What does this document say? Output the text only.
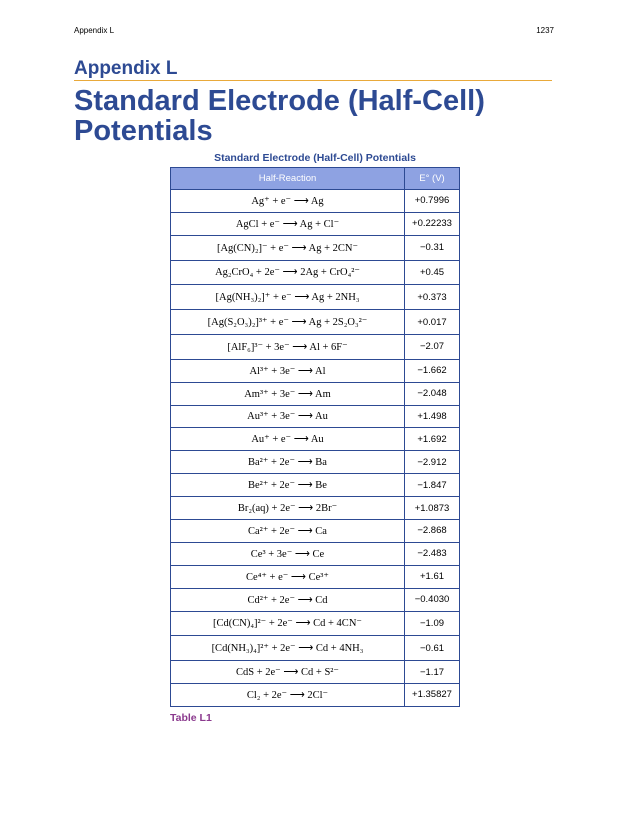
Appendix L	1237
Appendix L
Standard Electrode (Half-Cell) Potentials
Standard Electrode (Half-Cell) Potentials
Half-Reaction	E° (V)
Ag⁺ + e⁻ ⟶ Ag	+0.7996
AgCl + e⁻ ⟶ Ag + Cl⁻	+0.22233
[Ag(CN)₂]⁻ + e⁻ ⟶ Ag + 2CN⁻	−0.31
Ag₂CrO₄ + 2e⁻ ⟶ 2Ag + CrO₄²⁻	+0.45
[Ag(NH₃)₂]⁺ + e⁻ ⟶ Ag + 2NH₃	+0.373
[Ag(S₂O₃)₂]³⁺ + e⁻ ⟶ Ag + 2S₂O₃²⁻	+0.017
[AlF₆]³⁻ + 3e⁻ ⟶ Al + 6F⁻	−2.07
Al³⁺ + 3e⁻ ⟶ Al	−1.662
Am³⁺ + 3e⁻ ⟶ Am	−2.048
Au³⁺ + 3e⁻ ⟶ Au	+1.498
Au⁺ + e⁻ ⟶ Au	+1.692
Ba²⁺ + 2e⁻ ⟶ Ba	−2.912
Be²⁺ + 2e⁻ ⟶ Be	−1.847
Br₂(aq) + 2e⁻ ⟶ 2Br⁻	+1.0873
Ca²⁺ + 2e⁻ ⟶ Ca	−2.868
Ce³ + 3e⁻ ⟶ Ce	−2.483
Ce⁴⁺ + e⁻ ⟶ Ce³⁺	+1.61
Cd²⁺ + 2e⁻ ⟶ Cd	−0.4030
[Cd(CN)₄]²⁻ + 2e⁻ ⟶ Cd + 4CN⁻	−1.09
[Cd(NH₃)₄]²⁺ + 2e⁻ ⟶ Cd + 4NH₃	−0.61
CdS + 2e⁻ ⟶ Cd + S²⁻	−1.17
Cl₂ + 2e⁻ ⟶ 2Cl⁻	+1.35827
Table L1
